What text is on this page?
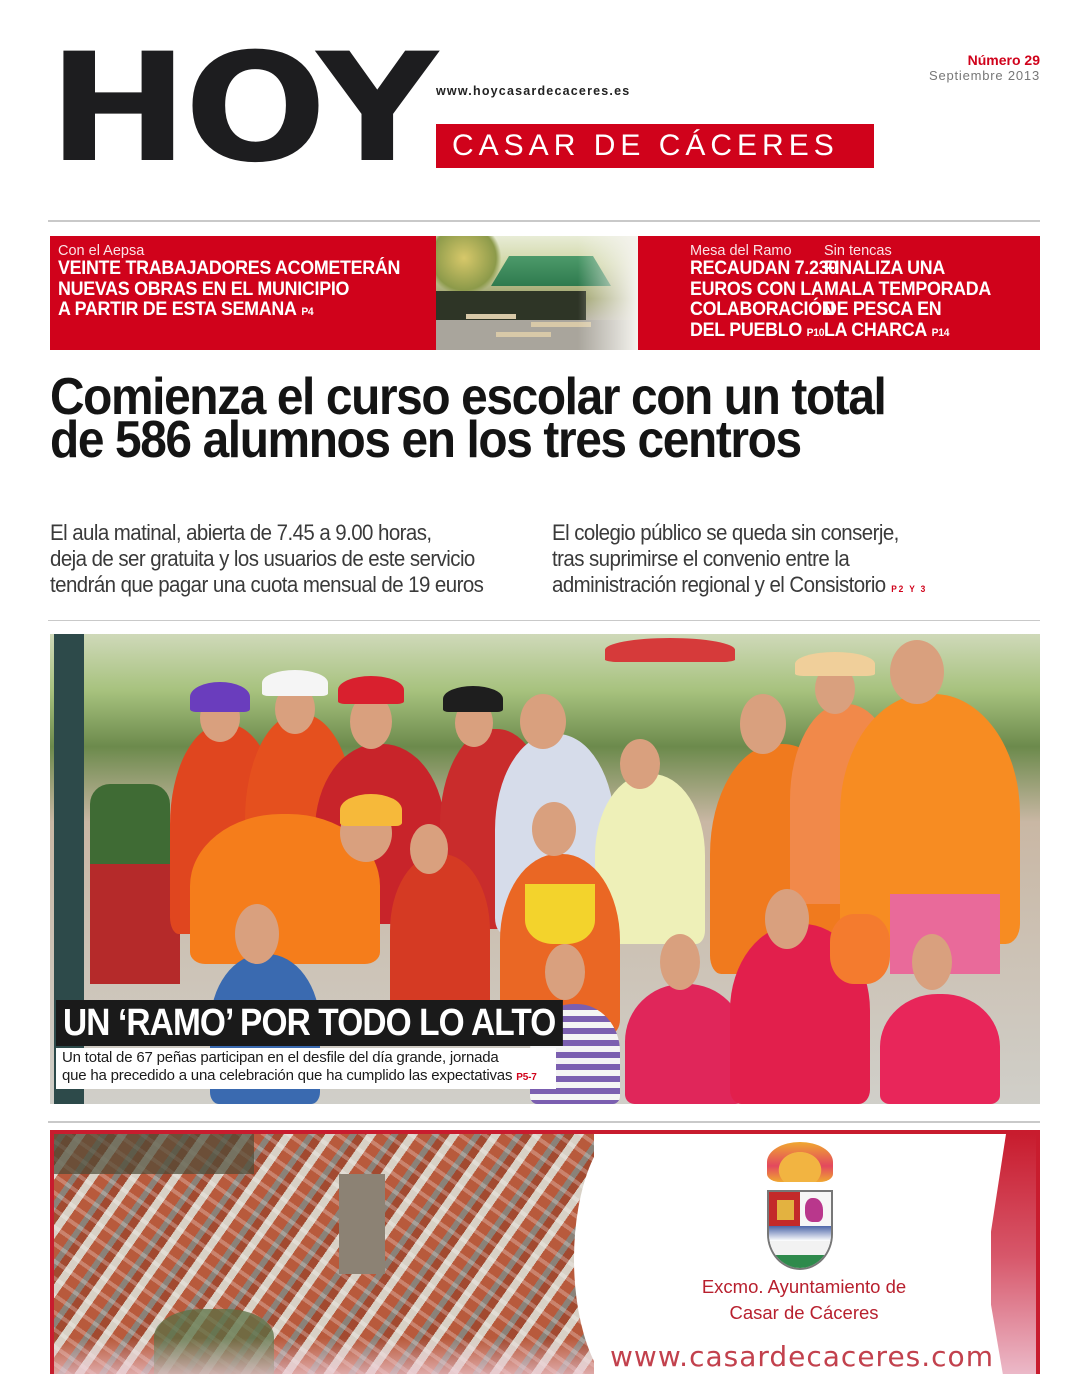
HOY www.hoycasardecaceres.es
CASAR DE CÁCERES
Número 29
Septiembre 2013
Con el Aepsa
VEINTE TRABAJADORES ACOMETERÁN
NUEVAS OBRAS EN EL MUNICIPIO
A PARTIR DE ESTA SEMANA P4
Mesa del Ramo
RECAUDAN 7.230
EUROS CON LA
COLABORACIÓN
DEL PUEBLO P10
Sin tencas
FINALIZA UNA
MALA TEMPORADA
DE PESCA EN
LA CHARCA P14
Comienza el curso escolar con un total
de 586 alumnos en los tres centros
El aula matinal, abierta de 7.45 a 9.00 horas,
deja de ser gratuita y los usuarios de este servicio
tendrán que pagar una cuota mensual de 19 euros
El colegio público se queda sin conserje,
tras suprimirse el convenio entre la
administración regional y el Consistorio P2 Y 3
UN ‘RAMO’ POR TODO LO ALTO
Un total de 67 peñas participan en el desfile del día grande, jornada
que ha precedido a una celebración que ha cumplido las expectativas P5-7
Excmo. Ayuntamiento de
Casar de Cáceres
www.casardecaceres.com
